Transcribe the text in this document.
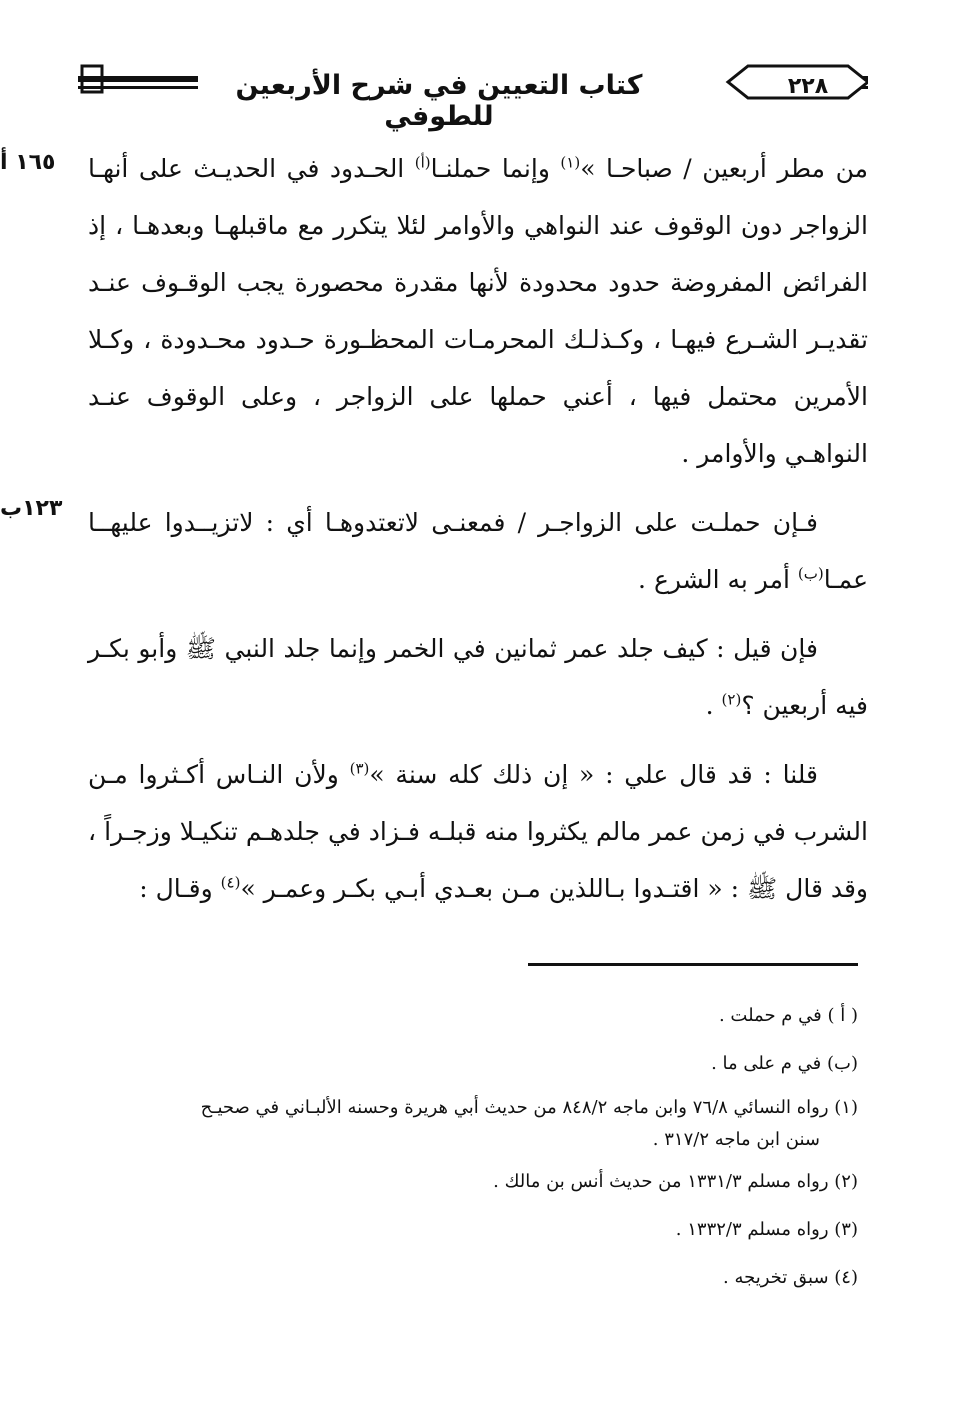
كتاب التعيين في شرح الأربعين للطوفي
٢٢٨
١٦٥ أ
١٢٣ب

من مطر أربعين / صباحـا »$^{(١)}$ وإنما حملنـا$^{(أ)}$ الحـدود في الحديـث على أنهـا الزواجر دون الوقوف عند النواهي والأوامر لئلا يتكرر مع ماقبلهـا وبعدهـا ، إذ الفرائض المفروضة حدود محدودة لأنها مقدرة محصورة يجب الوقـوف عنـد تقديـر الشـرع فيهـا ، وكـذلـك المحرمـات المحظـورة حـدود محـدودة ، وكـلا الأمرين محتمل فيها ، أعني حملها على الزواجر ، وعلى الوقوف عنـد النواهـي والأوامر .

فـإن حملـت على الزواجـر / فمعنـى لاتعتدوهـا أي : لاتزيــدوا عليهــا عمـا$^{(ب)}$ أمر به الشرع .

فإن قيل : كيف جلد عمر ثمانين في الخمر وإنما جلد النبي ﷺ وأبو بكـر فيه أربعين ؟$^{(٢)}$ .

قلنا : قد قال علي : « إن ذلك كله سنة »$^{(٣)}$ ولأن النـاس أكـثروا مـن الشرب في زمن عمر مالم يكثروا منه قبلـه فـزاد في جلدهـم تنكيـلا وزجـراً ، وقد قال ﷺ : « اقتـدوا بـاللذين مـن بعـدي أبـي بكـر وعمـر »$^{(٤)}$ وقـال :

( أ ) في م حملت .

(ب) في م على ما .

(١) رواه النسائي ٧٦/٨ وابن ماجه ٨٤٨/٢ من حديث أبي هريرة وحسنه الألبـاني في صحيـح

سنن ابن ماجه ٣١٧/٢ .

(٢) رواه مسلم ١٣٣١/٣ من حديث أنس بن مالك .

(٣) رواه مسلم ١٣٣٢/٣ .

(٤) سبق تخريجه .
